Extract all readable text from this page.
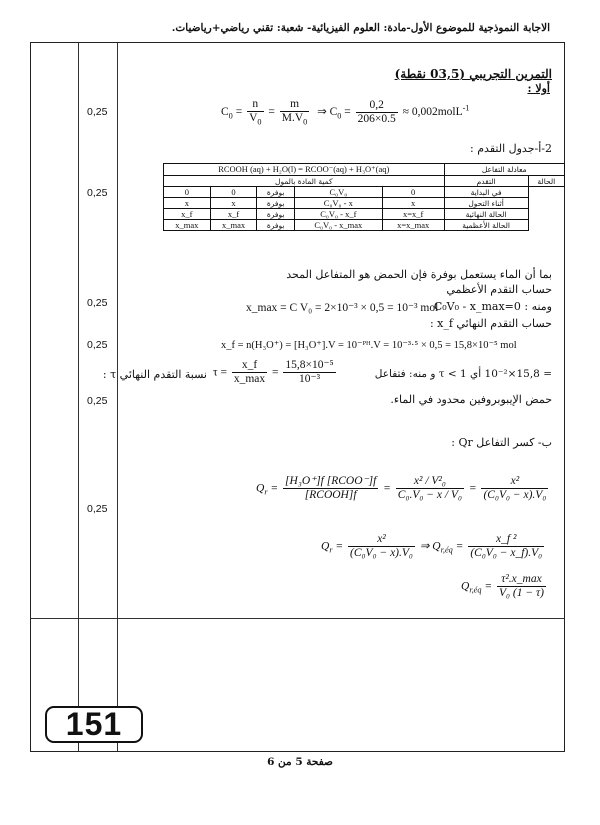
الاجابة النموذجية للموضوع الأول-مادة: العلوم الفيزيائية- شعبة: تقني رياضي+رياضيات.
0,25
0,25
0,25
0,25
0,25
0,25
التمرين التجريبي (03,5 نقطة)
أولا :
$C_0 = \frac{n}{V_0} = \frac{m}{M.V_0}$ ⇒ $C_0 = \frac{0,2}{206\times 0.5}$ ≈ 0,002molL$^{-1}$
2-أ-جدول التقدم :
RCOOH (aq) + H₂O(l) = RCOO⁻(aq) + H₃O⁺(aq)					معادلة التفاعل	
كمية المادة بالمول					التقدم	الحالة
0	0	بوفرة	C₀V₀	0	في البداية	
x	x	بوفرة	C₀V₀ - x	x	أثناء التحول	
x_f	x_f	بوفرة	C₀V₀ - x_f	x=x_f	الحالة النهائية	
x_max	x_max	بوفرة	C₀V₀ - x_max	x=x_max	الحالة الأعظمية	
بما أن الماء يستعمل بوفرة فإن الحمض هو المتفاعل المحد
حساب التقدم الأعظمي
x_max = C V₀ = 2×10⁻³ × 0,5 = 10⁻³ mol
ومنه : C₀V₀ - x_max=0
حساب التقدم النهائي x_f :
x_f = n(H₃O⁺) = [H₃O⁺].V = 10⁻ᴾᴴ.V = 10⁻³·⁵ × 0,5 = 15,8×10⁻⁵ mol
نسبة التقدم النهائي τ : $\tau = \frac{x\_f}{x\_\max} = \frac{\text{15,8×10⁻⁵}}{\text{10⁻³}}$	= 15,8×10⁻² أي τ < 1 و منه: فتفاعل
حمض الإيبوبروفين محدود في الماء.
ب- كسر التفاعل Qr :
$Q_r = \frac{\text{[H₃O⁺]f [RCOO⁻]f}}{\text{[RCOOH]f}} = \frac{\text{x² / V²₀}}{\text{C₀.V₀ − x / V₀}} = \frac{\text{x²}}{\text{(C₀V₀ − x).V₀}}$
$Q_r = \frac{\text{x²}}{\text{(C₀V₀ − x).V₀}}$ ⇒ $Q_{r,éq} = \frac{\text{x\_f ²}}{\text{(C₀V₀ − x\_f).V₀}}$
$Q_{r,éq} = \frac{\text{τ².x\_max}}{\text{V₀ (1 − τ)}}$
151
صفحة 5 من 6
